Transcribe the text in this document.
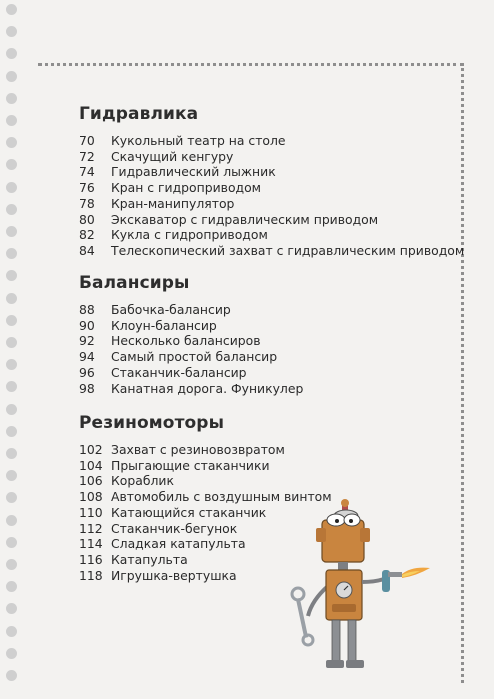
Гидравлика
70	Кукольный театр на столе
72	Скачущий кенгуру
74	Гидравлический лыжник
76	Кран с гидроприводом
78	Кран-манипулятор
80	Экскаватор с гидравлическим приводом
82	Кукла с гидроприводом
84	Телескопический захват с гидравлическим приводом
Балансиры
88	Бабочка-балансир
90	Клоун-балансир
92	Несколько балансиров
94	Самый простой балансир
96	Стаканчик-балансир
98	Канатная дорога. Фуникулер
Резиномоторы
102 Захват с резиновозвратом
104 Прыгающие стаканчики
106 Кораблик
108 Автомобиль с воздушным винтом
110 Катающийся стаканчик
112 Стаканчик-бегунок
114 Сладкая катапульта
116 Катапульта
118 Игрушка-вертушка
